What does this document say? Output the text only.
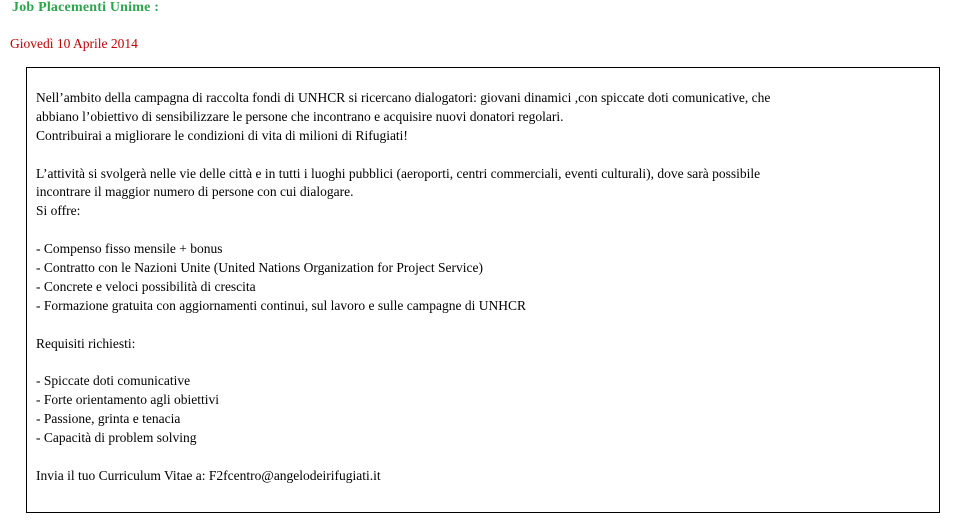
Job Placementi Unime :
Giovedì 10 Aprile 2014
Nell’ambito della campagna di raccolta fondi di UNHCR si ricercano dialogatori: giovani dinamici ,con spiccate doti comunicative, che
abbiano l’obiettivo di sensibilizzare le persone che incontrano e acquisire nuovi donatori regolari.
Contribuirai a migliorare le condizioni di vita di milioni di Rifugiati!
L’attività si svolgerà nelle vie delle città e in tutti i luoghi pubblici (aeroporti, centri commerciali, eventi culturali), dove sarà possibile
incontrare il maggior numero di persone con cui dialogare.
Si offre:
- Compenso fisso mensile + bonus
- Contratto con le Nazioni Unite (United Nations Organization for Project Service)
- Concrete e veloci possibilità di crescita
- Formazione gratuita con aggiornamenti continui, sul lavoro e sulle campagne di UNHCR
Requisiti richiesti:
- Spiccate doti comunicative
- Forte orientamento agli obiettivi
- Passione, grinta e tenacia
- Capacità di problem solving
Invia il tuo Curriculum Vitae a: F2fcentro@angelodeirifugiati.it
